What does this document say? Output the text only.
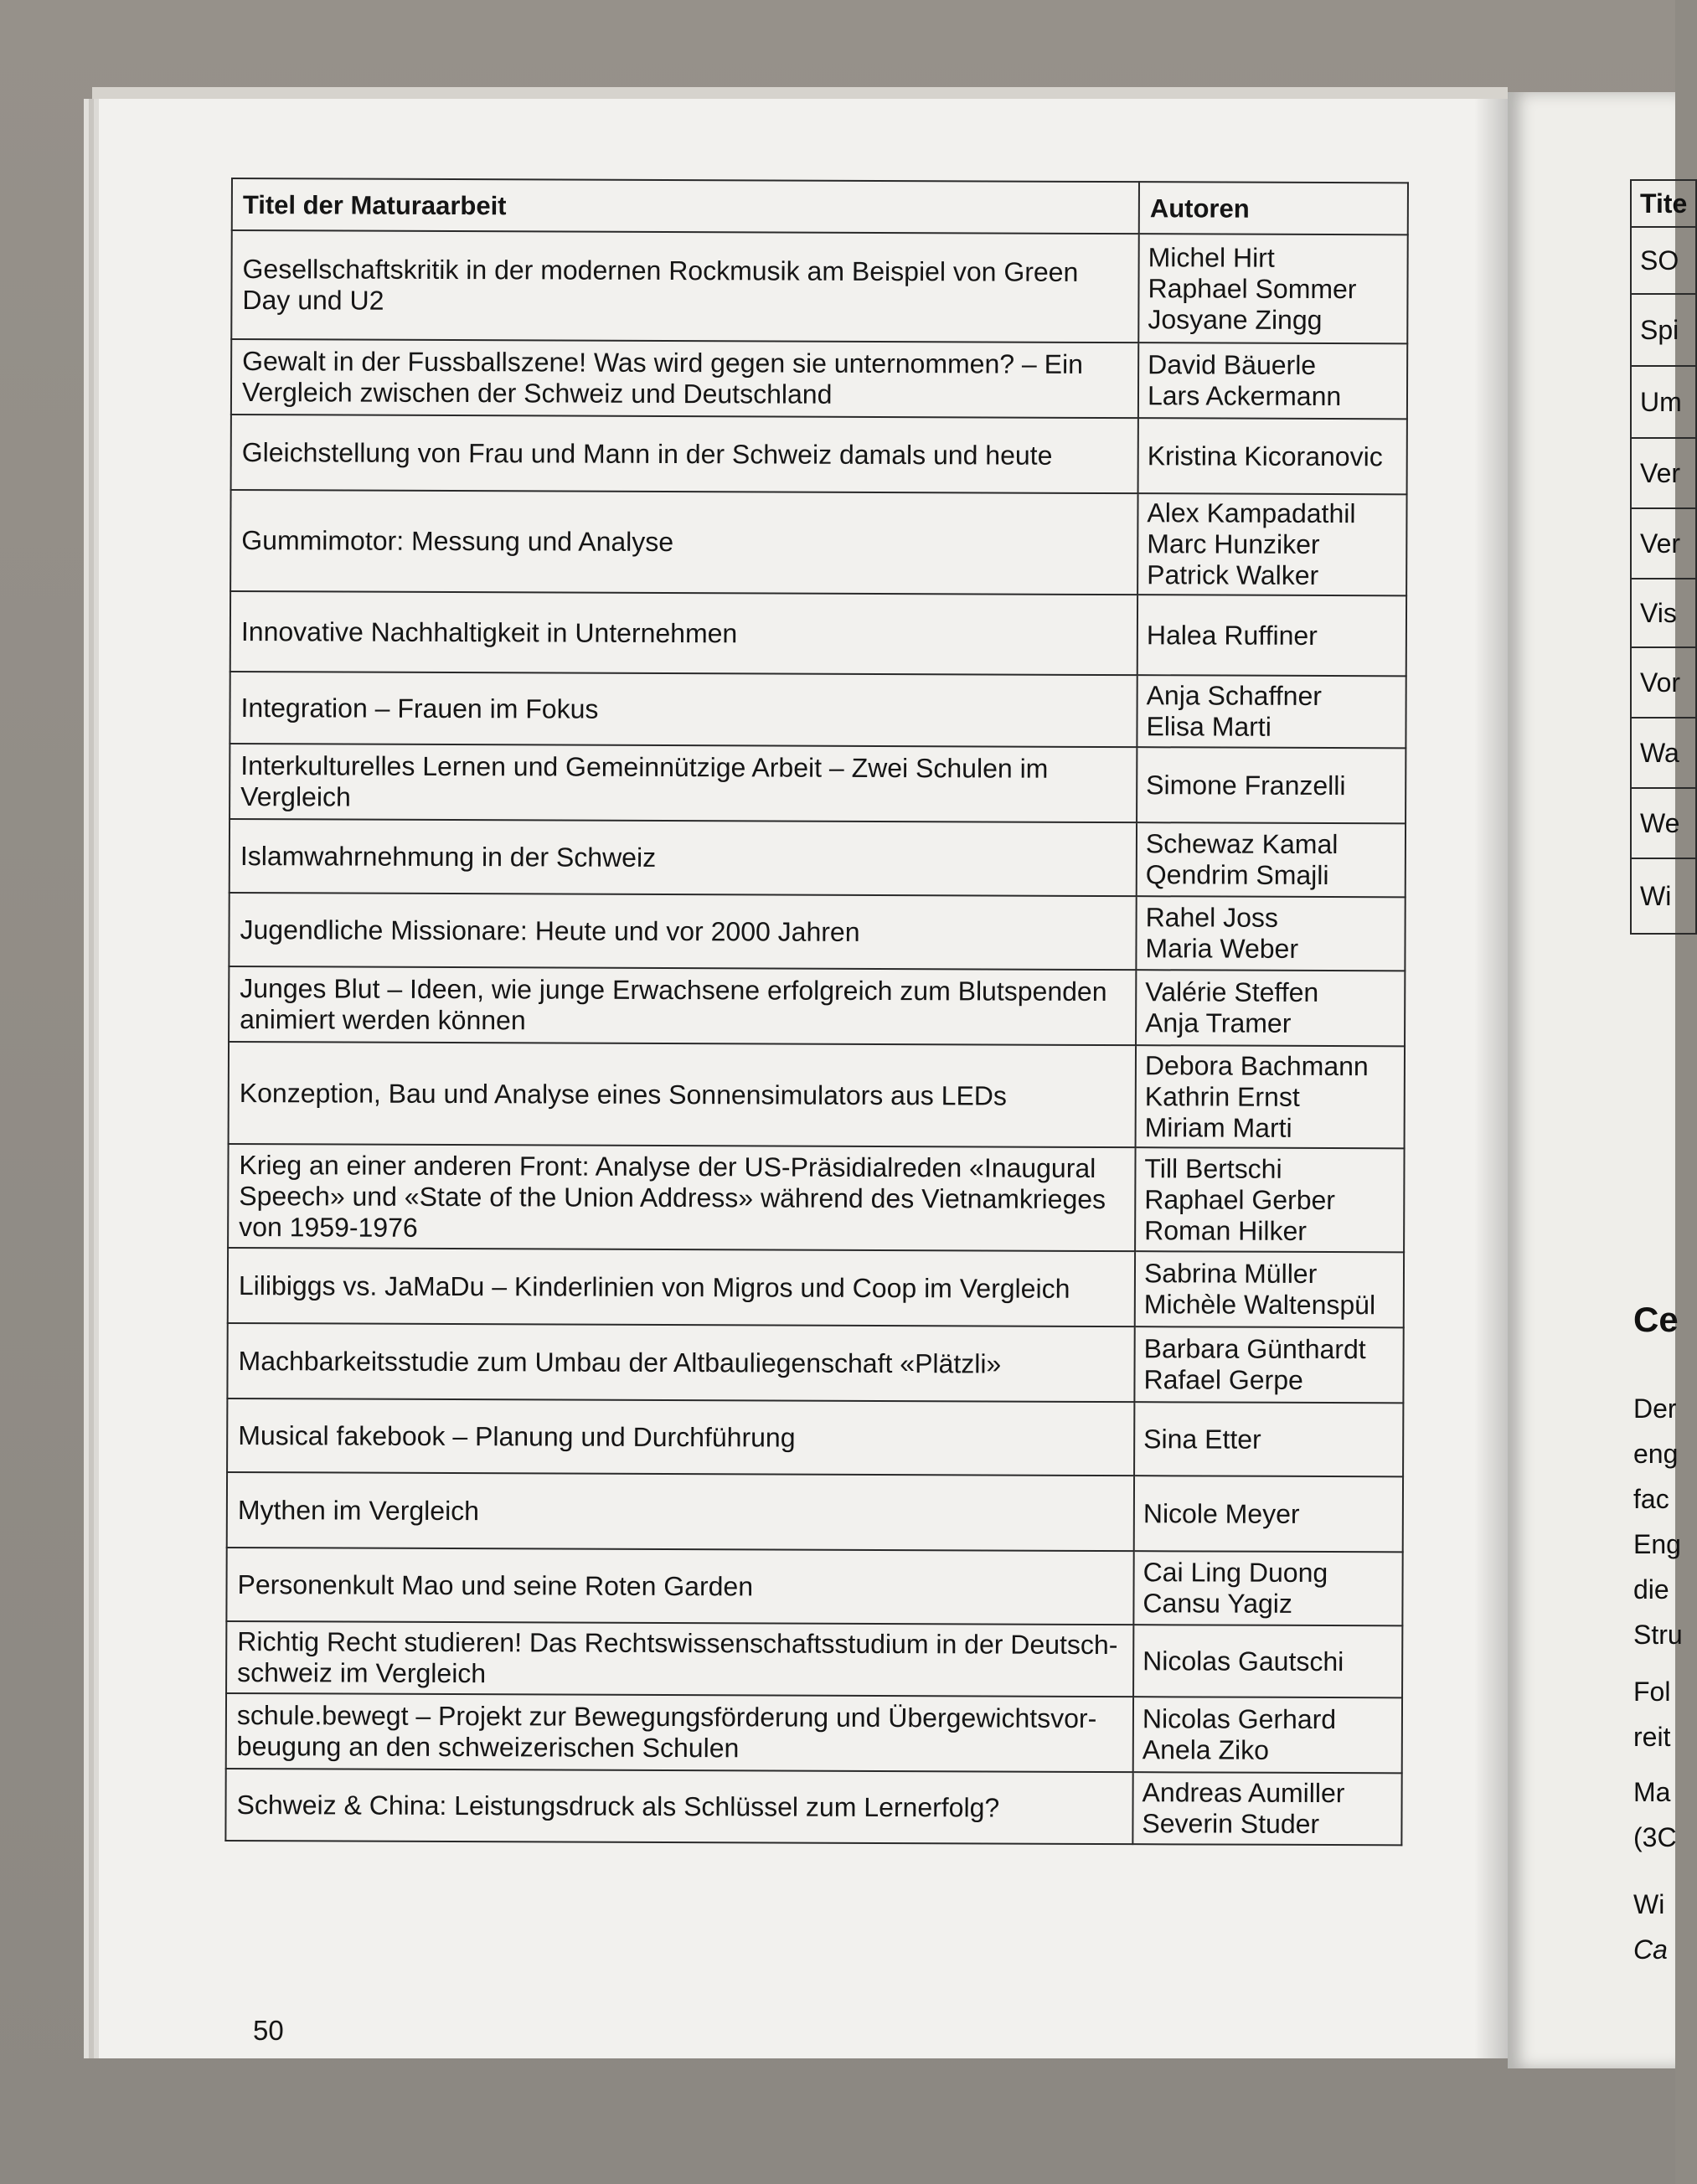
Titel der Maturaarbeit	Autoren
Gesellschaftskritik in der modernen Rockmusik am Beispiel von Green Day und U2	Michel Hirt
Raphael Sommer
Josyane Zingg

Gewalt in der Fussballszene! Was wird gegen sie unternommen? – Ein Vergleich zwischen der Schweiz und Deutschland	David Bäuerle
Lars Ackermann

Gleichstellung von Frau und Mann in der Schweiz damals und heute	Kristina Kicoranovic

Gummimotor: Messung und Analyse	Alex Kampadathil
Marc Hunziker
Patrick Walker

Innovative Nachhaltigkeit in Unternehmen	Halea Ruffiner

Integration – Frauen im Fokus	Anja Schaffner
Elisa Marti

Interkulturelles Lernen und Gemeinnützige Arbeit – Zwei Schulen im Vergleich	Simone Franzelli

Islamwahrnehmung in der Schweiz	Schewaz Kamal
Qendrim Smajli

Jugendliche Missionare: Heute und vor 2000 Jahren	Rahel Joss
Maria Weber

Junges Blut – Ideen, wie junge Erwachsene erfolgreich zum Blutspenden animiert werden können	Valérie Steffen
Anja Tramer

Konzeption, Bau und Analyse eines Sonnensimulators aus LEDs	Debora Bachmann
Kathrin Ernst
Miriam Marti

Krieg an einer anderen Front: Analyse der US-Präsidialreden «Inaugural Speech» und «State of the Union Address» während des Vietnamkrieges von 1959-1976	Till Bertschi
Raphael Gerber
Roman Hilker

Lilibiggs vs. JaMaDu – Kinderlinien von Migros und Coop im Vergleich	Sabrina Müller
Michèle Waltenspül

Machbarkeitsstudie zum Umbau der Altbauliegenschaft «Plätzli»	Barbara Günthardt
Rafael Gerpe

Musical fakebook – Planung und Durchführung	Sina Etter

Mythen im Vergleich	Nicole Meyer

Personenkult Mao und seine Roten Garden	Cai Ling Duong
Cansu Yagiz

Richtig Recht studieren! Das Rechtswissenschaftsstudium in der Deutsch-schweiz im Vergleich	Nicolas Gautschi

schule.bewegt – Projekt zur Bewegungsförderung und Übergewichtsvor-beugung an den schweizerischen Schulen	Nicolas Gerhard
Anela Ziko

Schweiz & China: Leistungsdruck als Schlüssel zum Lernerfolg?	Andreas Aumiller
Severin Studer
Tite
SO
Spi
Um
Ver
Ver
Vis
Vor
Wa
We
Wi
Ce
Der
eng
fac
Eng
die
Stru
Fol
reit
Ma
(3C
Wi
Ca
50
